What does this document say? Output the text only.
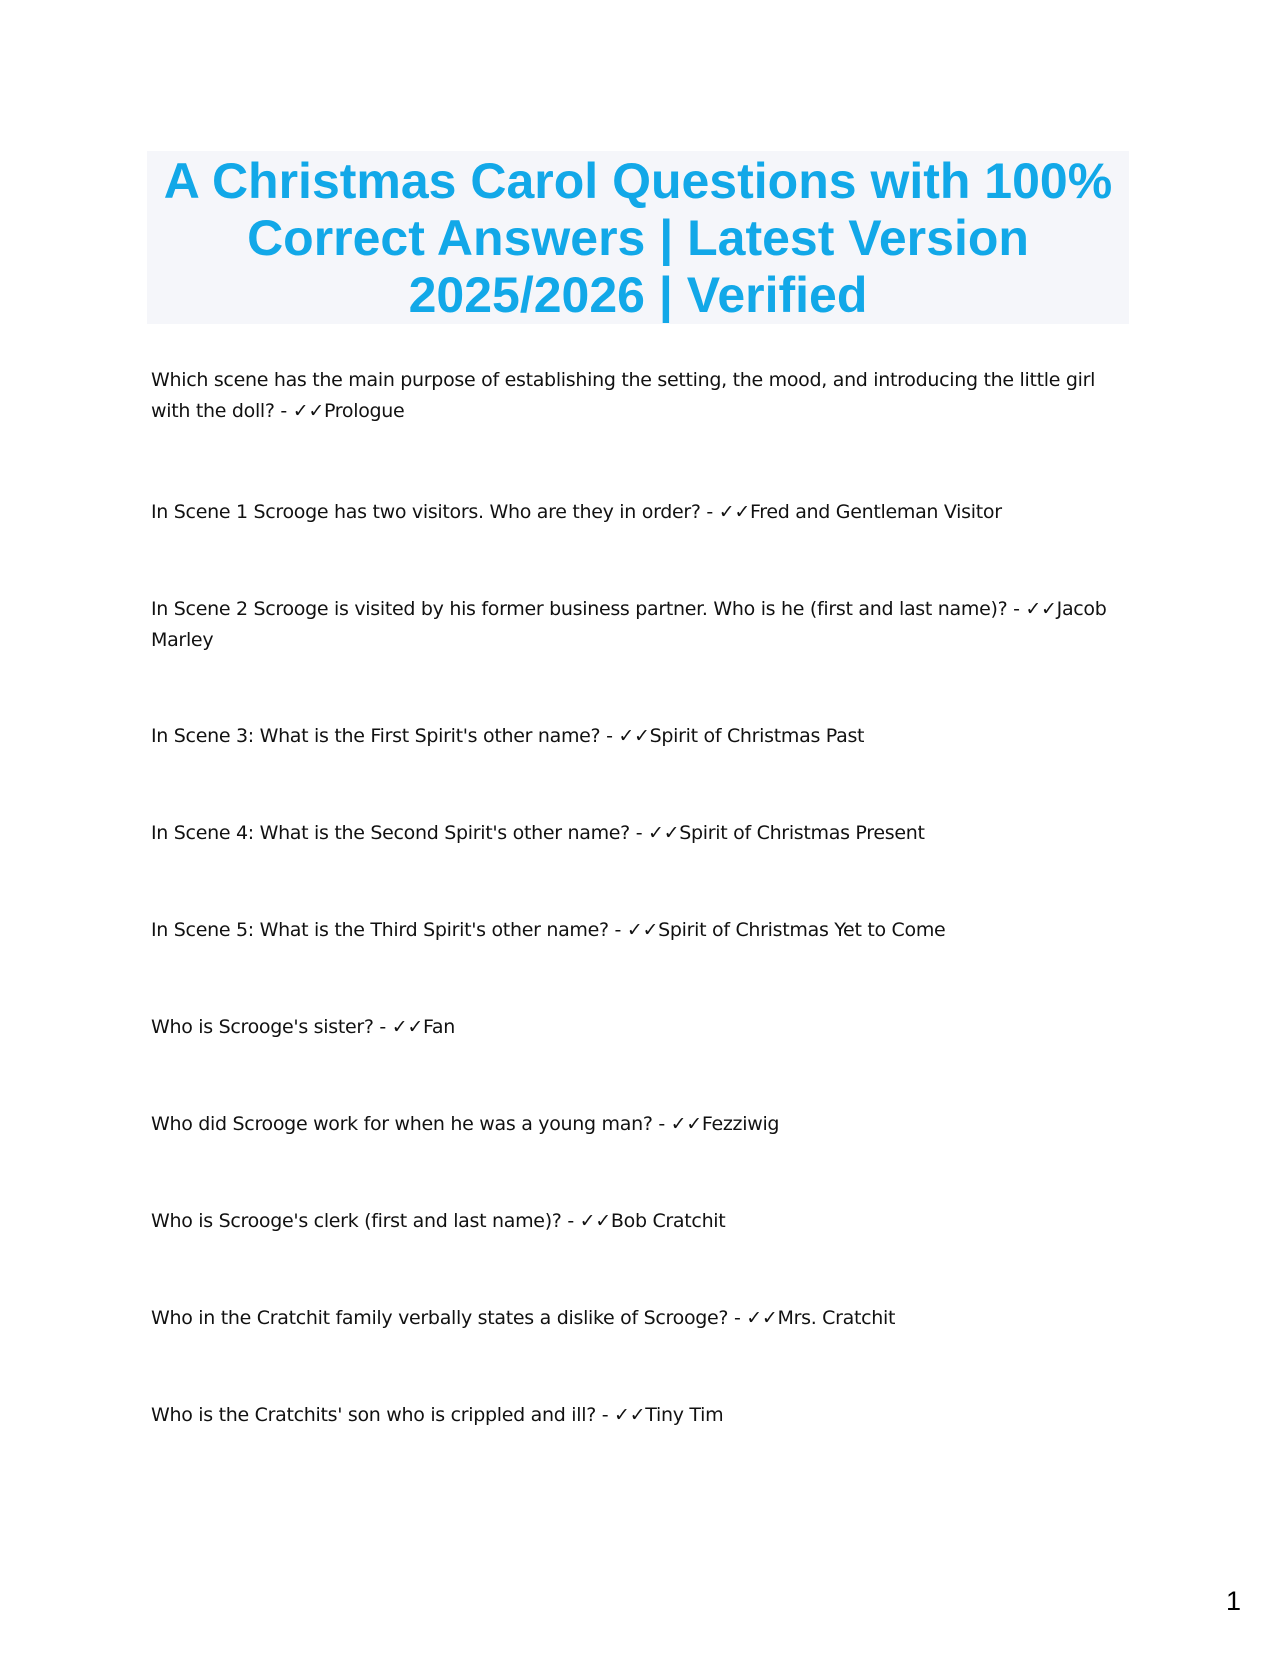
A Christmas Carol Questions with 100%
Correct Answers | Latest Version
2025/2026 | Verified

Which scene has the main purpose of establishing the setting, the mood, and introducing the little girl with the doll? - ✓✓Prologue

In Scene 1 Scrooge has two visitors. Who are they in order? - ✓✓Fred and Gentleman Visitor

In Scene 2 Scrooge is visited by his former business partner. Who is he (first and last name)? - ✓✓Jacob Marley

In Scene 3: What is the First Spirit's other name? - ✓✓Spirit of Christmas Past

In Scene 4: What is the Second Spirit's other name? - ✓✓Spirit of Christmas Present

In Scene 5: What is the Third Spirit's other name? - ✓✓Spirit of Christmas Yet to Come

Who is Scrooge's sister? - ✓✓Fan

Who did Scrooge work for when he was a young man? - ✓✓Fezziwig

Who is Scrooge's clerk (first and last name)? - ✓✓Bob Cratchit

Who in the Cratchit family verbally states a dislike of Scrooge? - ✓✓Mrs. Cratchit

Who is the Cratchits' son who is crippled and ill? - ✓✓Tiny Tim

1
